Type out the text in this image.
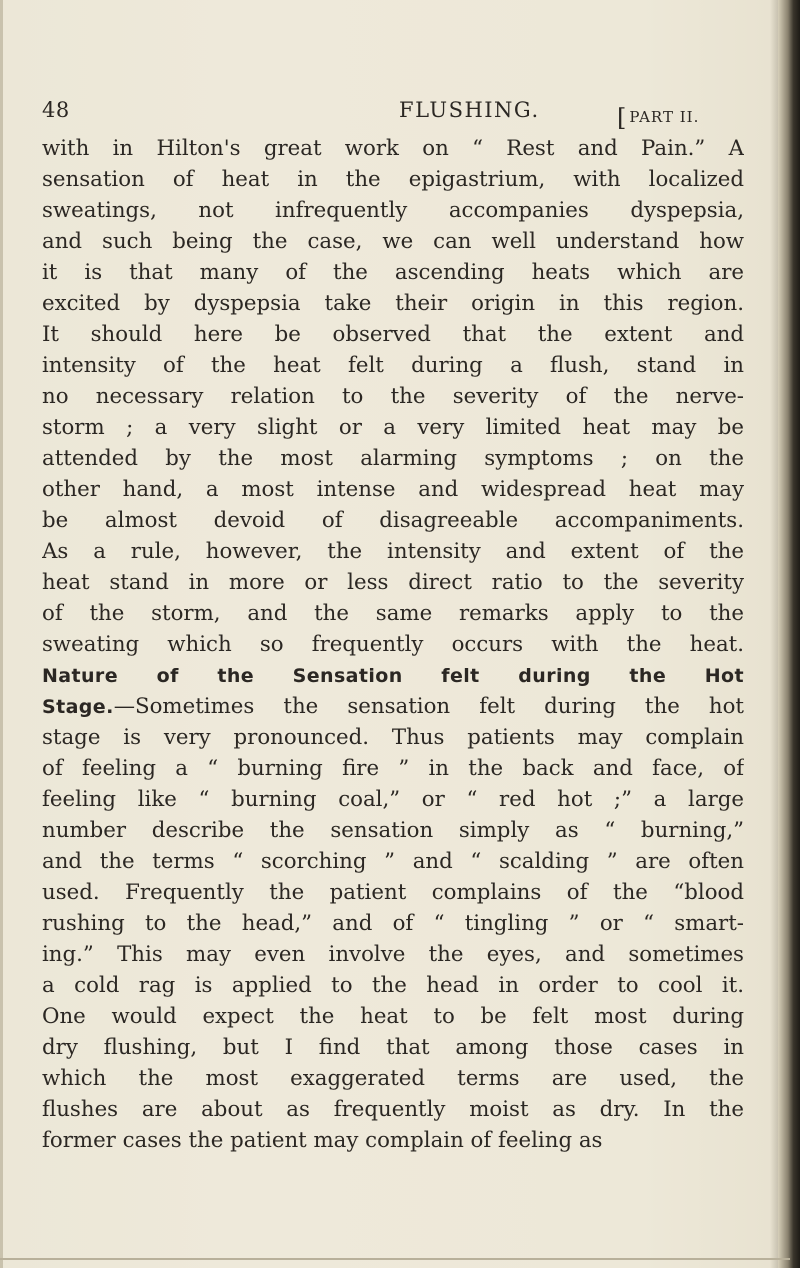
48	FLUSHING.	[ PART II.
with in Hilton's great work on “ Rest and Pain.” A
sensation of heat in the epigastrium, with localized
sweatings, not infrequently accompanies dyspepsia,
and such being the case, we can well understand how
it is that many of the ascending heats which are
excited by dyspepsia take their origin in this region.
It should here be observed that the extent and
intensity of the heat felt during a flush, stand in
no necessary relation to the severity of the nerve-
storm ; a very slight or a very limited heat may be
attended by the most alarming symptoms ; on the
other hand, a most intense and widespread heat may
be almost devoid of disagreeable accompaniments.
As a rule, however, the intensity and extent of the
heat stand in more or less direct ratio to the severity
of the storm, and the same remarks apply to the
sweating which so frequently occurs with the heat.
Nature of the Sensation felt during the Hot
Stage.—Sometimes the sensation felt during the hot
stage is very pronounced. Thus patients may complain
of feeling a “ burning fire ” in the back and face, of
feeling like “ burning coal,” or “ red hot ;” a large
number describe the sensation simply as “ burning,”
and the terms “ scorching ” and “ scalding ” are often
used. Frequently the patient complains of the “blood
rushing to the head,” and of “ tingling ” or “ smart-
ing.” This may even involve the eyes, and sometimes
a cold rag is applied to the head in order to cool it.
One would expect the heat to be felt most during
dry flushing, but I find that among those cases in
which the most exaggerated terms are used, the
flushes are about as frequently moist as dry. In the
former cases the patient may complain of feeling as
